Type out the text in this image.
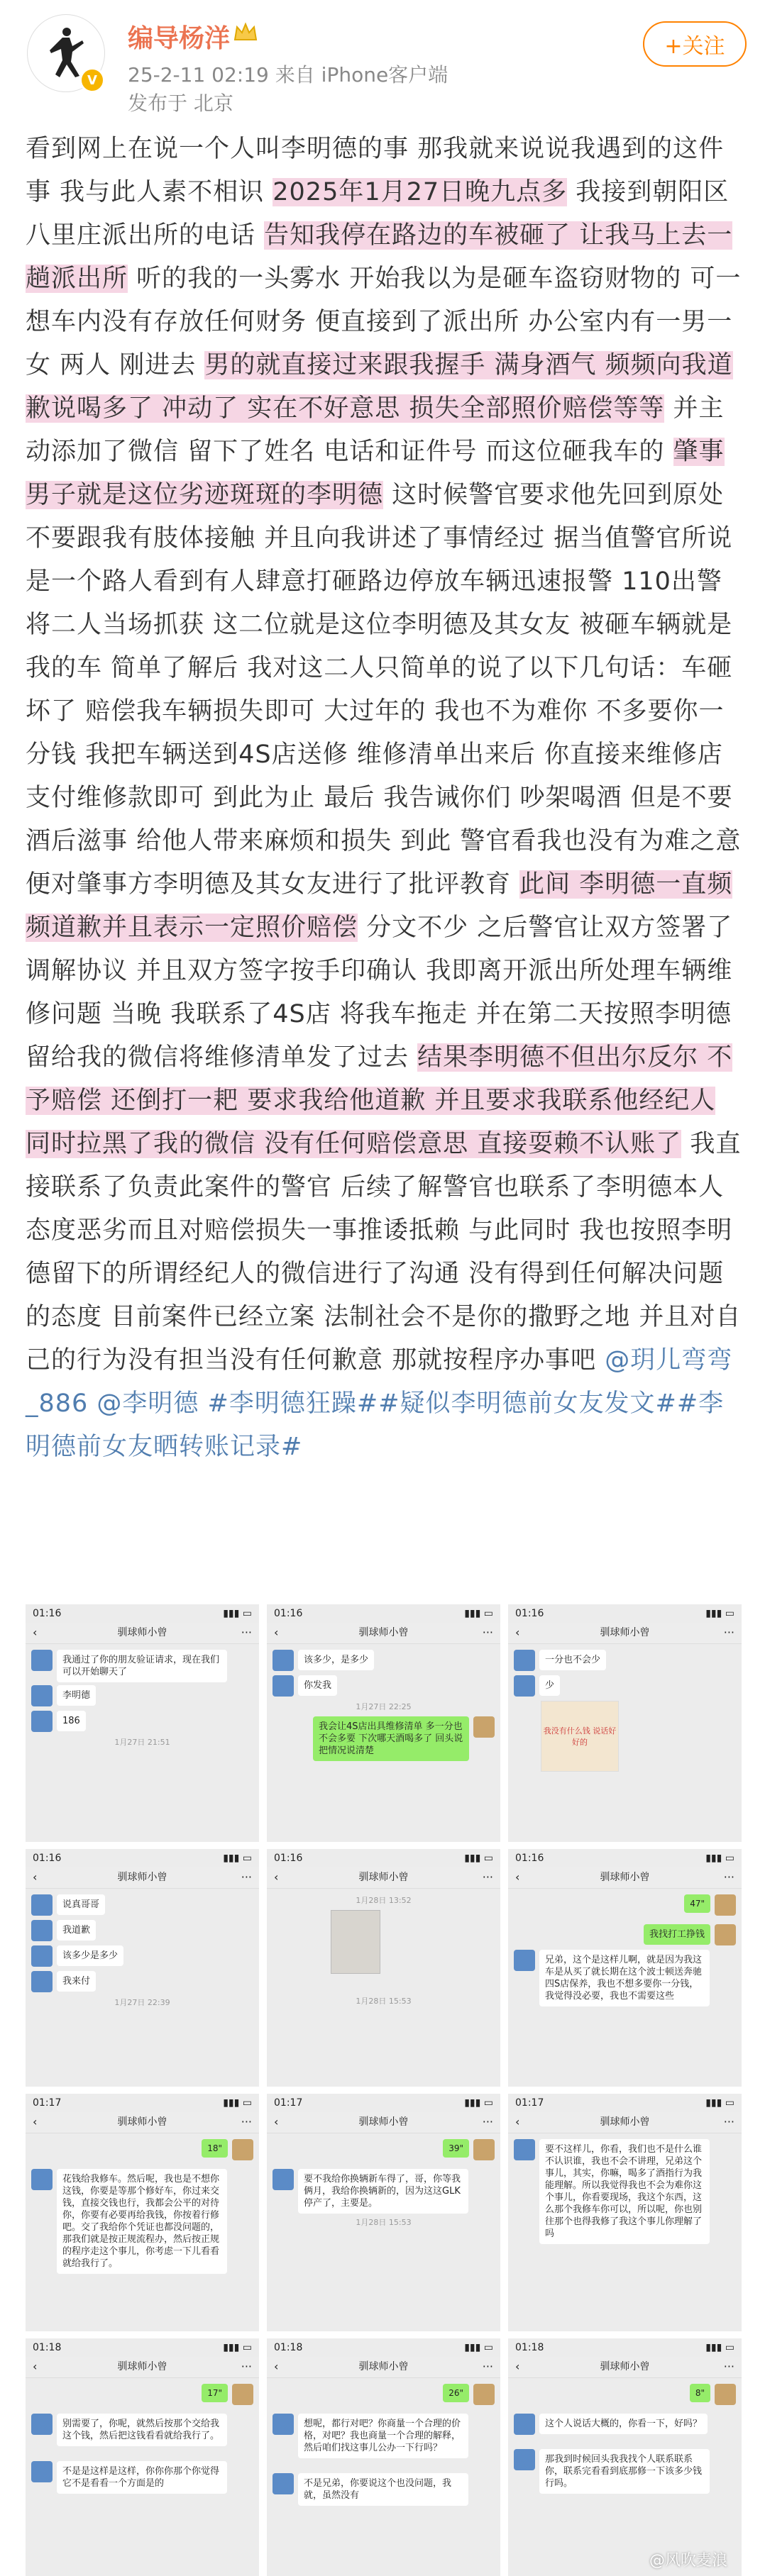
V
编导杨洋
25-2-11 02:19 来自 iPhone客户端
发布于 北京
+关注
看到网上在说一个人叫李明德的事 那我就来说说我遇到的这件事 我与此人素不相识 2025年1月27日晚九点多 我接到朝阳区八里庄派出所的电话 告知我停在路边的车被砸了 让我马上去一趟派出所 听的我的一头雾水 开始我以为是砸车盗窃财物的 可一想车内没有存放任何财务 便直接到了派出所 办公室内有一男一女 两人 刚进去 男的就直接过来跟我握手 满身酒气 频频向我道歉说喝多了 冲动了 实在不好意思 损失全部照价赔偿等等 并主动添加了微信 留下了姓名 电话和证件号 而这位砸我车的 肇事男子就是这位劣迹斑斑的李明德 这时候警官要求他先回到原处 不要跟我有肢体接触 并且向我讲述了事情经过 据当值警官所说 是一个路人看到有人肆意打砸路边停放车辆迅速报警 110出警将二人当场抓获 这二位就是这位李明德及其女友 被砸车辆就是我的车 简单了解后 我对这二人只简单的说了以下几句话：车砸坏了 赔偿我车辆损失即可 大过年的 我也不为难你 不多要你一分钱 我把车辆送到4S店送修 维修清单出来后 你直接来维修店支付维修款即可 到此为止 最后 我告诫你们 吵架喝酒 但是不要酒后滋事 给他人带来麻烦和损失 到此 警官看我也没有为难之意 便对肇事方李明德及其女友进行了批评教育 此间 李明德一直频频道歉并且表示一定照价赔偿 分文不少 之后警官让双方签署了调解协议 并且双方签字按手印确认 我即离开派出所处理车辆维修问题 当晚 我联系了4S店 将我车拖走 并在第二天按照李明德留给我的微信将维修清单发了过去 结果李明德不但出尔反尔 不予赔偿 还倒打一耙 要求我给他道歉 并且要求我联系他经纪人 同时拉黑了我的微信 没有任何赔偿意思 直接耍赖不认账了 我直接联系了负责此案件的警官 后续了解警官也联系了李明德本人 态度恶劣而且对赔偿损失一事推诿抵赖 与此同时 我也按照李明德留下的所谓经纪人的微信进行了沟通 没有得到任何解决问题的态度 目前案件已经立案 法制社会不是你的撒野之地 并且对自己的行为没有担当没有任何歉意 那就按程序办事吧 @玥儿弯弯_886 @李明德 #李明德狂躁##疑似李明德前女友发文##李明德前女友晒转账记录#
01:16	▮▮▮ ▭
‹	驯球师小曾	···
我通过了你的朋友验证请求，现在我们可以开始聊天了
李明德
186
1月27日 21:51
01:16	▮▮▮ ▭
‹	驯球师小曾	···
该多少，是多少
你发我
1月27日 22:25
我会让4S店出具维修清单 多一分也不会多要 下次哪天酒喝多了 回头说把情况说清楚
01:16	▮▮▮ ▭
‹	驯球师小曾	···
一分也不会少
少
我没有什么钱 说话好好的
01:16	▮▮▮ ▭
‹	驯球师小曾	···
说真哥哥
我道歉
该多少是多少
我来付
1月27日 22:39
01:16	▮▮▮ ▭
‹	驯球师小曾	···
1月28日 13:52
1月28日 15:53
01:16	▮▮▮ ▭
‹	驯球师小曾	···
47"
我找打工挣钱
兄弟，这个是这样儿啊，就是因为我这车是从买了就长期在这个波士顿送奔驰四S店保养，我也不想多要你一分钱，我觉得没必要，我也不需要这些
01:17	▮▮▮ ▭
‹	驯球师小曾	···
18"
花钱给我修车。然后呢，我也是不想你这钱，你要是等那个修好车，你过来交钱，直接交钱也行，我都会公平的对待你，你要有必要再给我钱，你按着行修吧。交了我给你个凭证也都没问题的，那我们就是按正规流程办，然后按正规的程序走这个事儿，你考虑一下儿看看就给我行了。
01:17	▮▮▮ ▭
‹	驯球师小曾	···
39"
要不我给你换辆新车得了，哥，你等我俩月，我给你换辆新的，因为这这GLK停产了，主要是。
1月28日 15:53
01:17	▮▮▮ ▭
‹	驯球师小曾	···
要不这样儿，你看，我们也不是什么谁不认识谁，我也不会不讲理，兄弟这个事儿，其实，你嘛，喝多了酒指行为我能理解。所以我觉得我也不会为难你这个事儿，你看要现场，我这个东西，这么那个我修车你可以，所以呢，你也别往那个也得我修了我这个事儿你理解了吗
01:18	▮▮▮ ▭
‹	驯球师小曾	···
17"
别需要了，你呢，就然后按那个交给我这个钱，然后把这钱看看就给我行了。
不是是这样是这样，你你你那个你觉得它不是看看一个方面是的
01:18	▮▮▮ ▭
‹	驯球师小曾	···
26"
想呢，都行对吧？你商量一个合理的价格，对吧？我也商量一个合理的解释，然后咱们找这事儿公办一下行吗？
不是兄弟，你要说这个也没问题，我就，虽然没有
01:18	▮▮▮ ▭
‹	驯球师小曾	···
@风吹麦浪
8"
这个人说话大概的，你看一下，好吗？
那我到时候回头我我找个人联系联系你，联系完看看到底那修一下该多少钱行吗。
